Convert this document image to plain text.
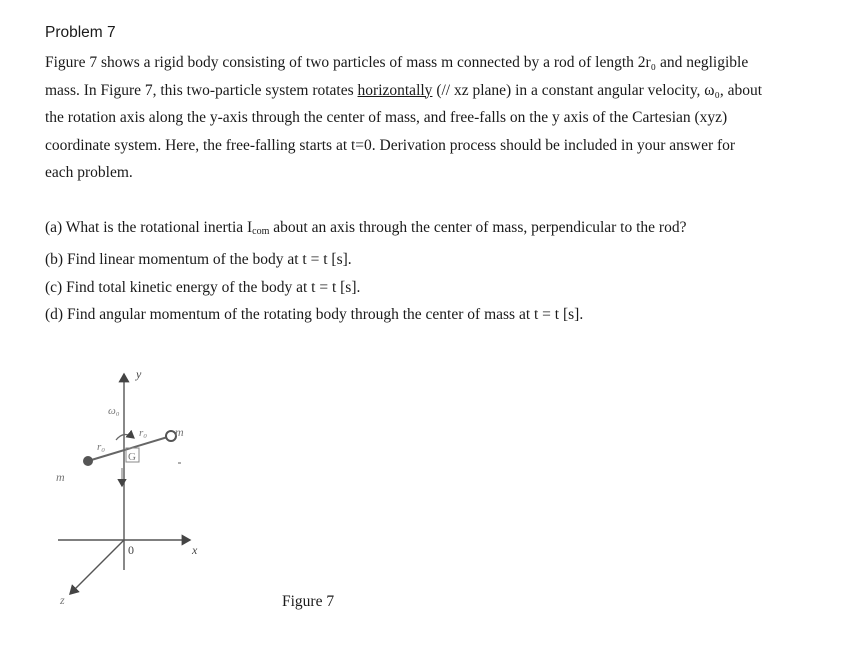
Problem 7
Figure 7 shows a rigid body consisting of two particles of mass m connected by a rod of length 2r₀ and negligible
mass. In Figure 7, this two-particle system rotates horizontally (// xz plane) in a constant angular velocity, ω₀, about
the rotation axis along the y-axis through the center of mass, and free-falls on the y axis of the Cartesian (xyz)
coordinate system. Here, the free-falling starts at t=0. Derivation process should be included in your answer for
each problem.
(a) What is the rotational inertia $I_{com}$ about an axis through the center of mass, perpendicular to the rod?
(b) Find linear momentum of the body at t = t [s].
(c) Find total kinetic energy of the body at t = t [s].
(d) Find angular momentum of the rotating body through the center of mass at t = t [s].
y
ω₀
r₀
r₀ m
m
G
0	x
z	Figure 7
